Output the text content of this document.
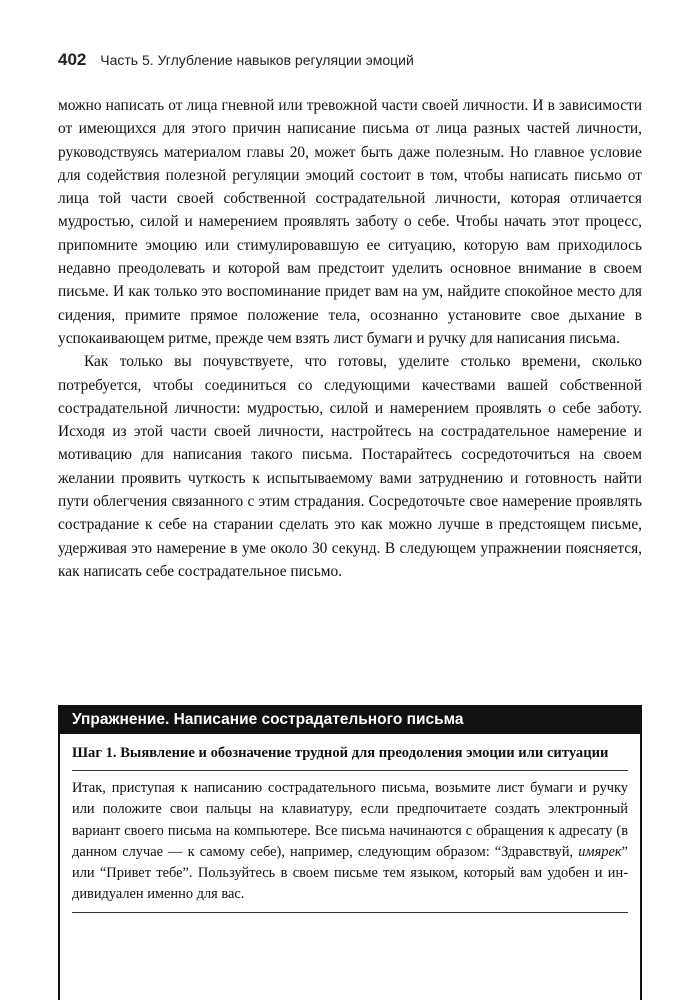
402 Часть 5. Углубление навыков регуляции эмоций

можно написать от лица гневной или тревожной части своей личности. И в зависимости от имеющихся для этого причин написание письма от лица разных частей личности, руководствуясь материалом главы 20, может быть даже полезным. Но главное условие для содействия полезной регуляции эмоций состоит в том, чтобы написать письмо от лица той части своей собственной сострадательной личности, которая отличается мудростью, силой и намерением проявлять заботу о себе. Чтобы начать этот процесс, припомните эмоцию или стимулировавшую ее ситуацию, которую вам приходилось недавно преодолевать и которой вам предстоит уделить основное внимание в своем письме. И как только это воспоминание придет вам на ум, найдите спокойное место для сидения, примите прямое положение тела, осознанно установите свое дыхание в успокаивающем ритме, прежде чем взять лист бумаги и ручку для написания письма.

Как только вы почувствуете, что готовы, уделите столько времени, сколько потребуется, чтобы соединиться со следующими качествами вашей собственной сострадательной личности: мудростью, силой и намерением проявлять о себе заботу. Исходя из этой части своей личности, настройтесь на сострадательное намерение и мотивацию для написания такого письма. Постарайтесь сосредоточиться на своем желании проявить чуткость к испытываемому вами затруднению и готовность найти пути облегчения связанного с этим страдания. Сосредоточьте свое намерение проявлять сострадание к себе на старании сделать это как можно лучше в предстоящем письме, удерживая это намерение в уме около 30 секунд. В следующем упражнении поясняется, как написать себе сострадательное письмо.

Упражнение. Написание сострадательного письма
Шаг 1. Выявление и обозначение трудной для преодоления эмоции или ситуации
Итак, приступая к написанию сострадательного письма, возьмите лист бумаги и ручку или положите свои пальцы на клавиатуру, если предпочитаете создать электронный вариант своего письма на компьютере. Все письма начинаются с обращения к адресату (в данном случае — к самому себе), например, следующим образом: “Здравствуй, имярек” или “Привет тебе”. Пользуйтесь в своем письме тем языком, который вам удобен и индивидуален именно для вас.
